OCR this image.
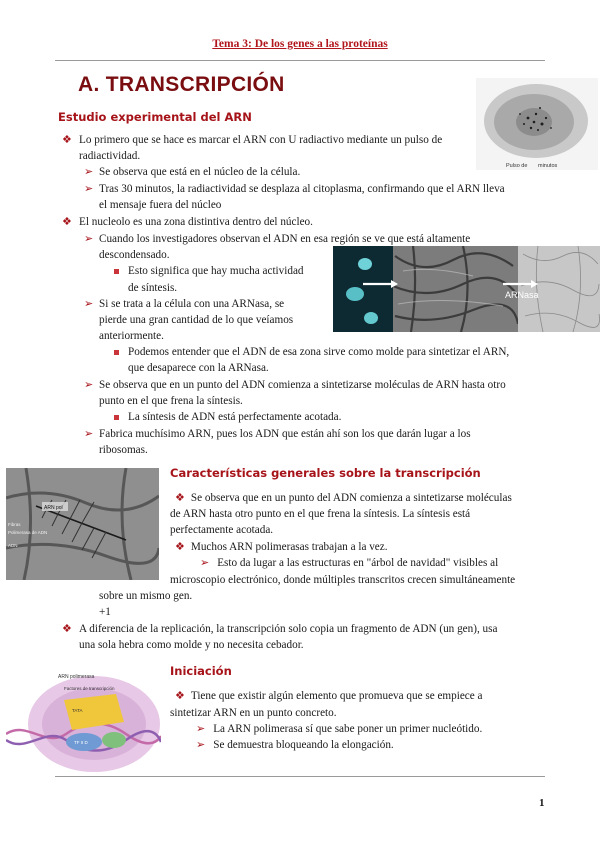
Tema 3: De los genes a las proteínas
A. TRANSCRIPCIÓN
Pulso de minutos
Estudio experimental del ARN
❖ Lo primero que se hace es marcar el ARN con U radiactivo mediante un pulso de
radiactividad.
➢ Se observa que está en el núcleo de la célula.
➢ Tras 30 minutos, la radiactividad se desplaza al citoplasma, confirmando que el ARN lleva
el mensaje fuera del núcleo
❖ El nucleolo es una zona distintiva dentro del núcleo.
➢ Cuando los investigadores observan el ADN en esa región se ve que está altamente
descondensado.
Esto significa que hay mucha actividad
de síntesis.
➢ Si se trata a la célula con una ARNasa, se
pierde una gran cantidad de lo que veíamos
anteriormente.
Podemos entender que el ADN de esa zona sirve como molde para sintetizar el ARN,
que desaparece con la ARNasa.
➢ Se observa que en un punto del ADN comienza a sintetizarse moléculas de ARN hasta otro
punto en el que frena la síntesis.
La síntesis de ADN está perfectamente acotada.
➢ Fabrica muchísimo ARN, pues los ADN que están ahí son los que darán lugar a los
ribosomas.
ARNasa
ARN pol
Fibras
Polimerasa de ADN
ADN
Características generales sobre la transcripción
❖ Se observa que en un punto del ADN comienza a sintetizarse moléculas
de ARN hasta otro punto en el que frena la síntesis. La síntesis está
perfectamente acotada.
❖ Muchos ARN polimerasas trabajan a la vez.
➢ Esto da lugar a las estructuras en "árbol de navidad" visibles al
microscopio electrónico, donde múltiples transcritos crecen simultáneamente
sobre un mismo gen.
+1
❖ A diferencia de la replicación, la transcripción solo copia un fragmento de ADN (un gen), usa
una sola hebra como molde y no necesita cebador.
ARN polimerasa
Factores de transcripción
TATA
TF II D
Iniciación
❖ Tiene que existir algún elemento que promueva que se empiece a
sintetizar ARN en un punto concreto.
➢ La ARN polimerasa sí que sabe poner un primer nucleótido.
➢ Se demuestra bloqueando la elongación.
1
